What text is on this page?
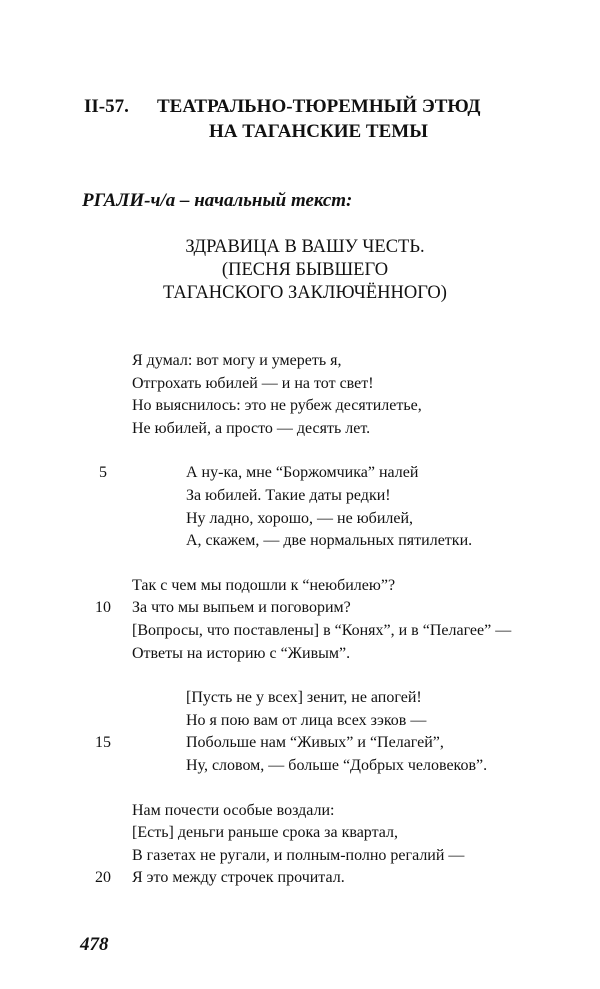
II-57. ТЕАТРАЛЬНО-ТЮРЕМНЫЙ ЭТЮД
НА ТАГАНСКИЕ ТЕМЫ
РГАЛИ-ч/а – начальный текст:
ЗДРАВИЦА В ВАШУ ЧЕСТЬ.
(ПЕСНЯ БЫВШЕГО
ТАГАНСКОГО ЗАКЛЮЧЁННОГО)
Я думал: вот могу и умереть я,
Отгрохать юбилей — и на тот свет!
Но выяснилось: это не рубеж десятилетье,
Не юбилей, а просто — десять лет.
5	А ну-ка, мне “Боржомчика” налей
За юбилей. Такие даты редки!
Ну ладно, хорошо, — не юбилей,
А, скажем, — две нормальных пятилетки.
Так с чем мы подошли к “неюбилею”?
10	За что мы выпьем и поговорим?
[Вопросы, что поставлены] в “Конях”, и в “Пелагее” —
Ответы на историю с “Живым”.
[Пусть не у всех] зенит, не апогей!
Но я пою вам от лица всех зэков —
15	Побольше нам “Живых” и “Пелагей”,
Ну, словом, — больше “Добрых человеков”.
Нам почести особые воздали:
[Есть] деньги раньше срока за квартал,
В газетах не ругали, и полным-полно регалий —
20	Я это между строчек прочитал.
478
